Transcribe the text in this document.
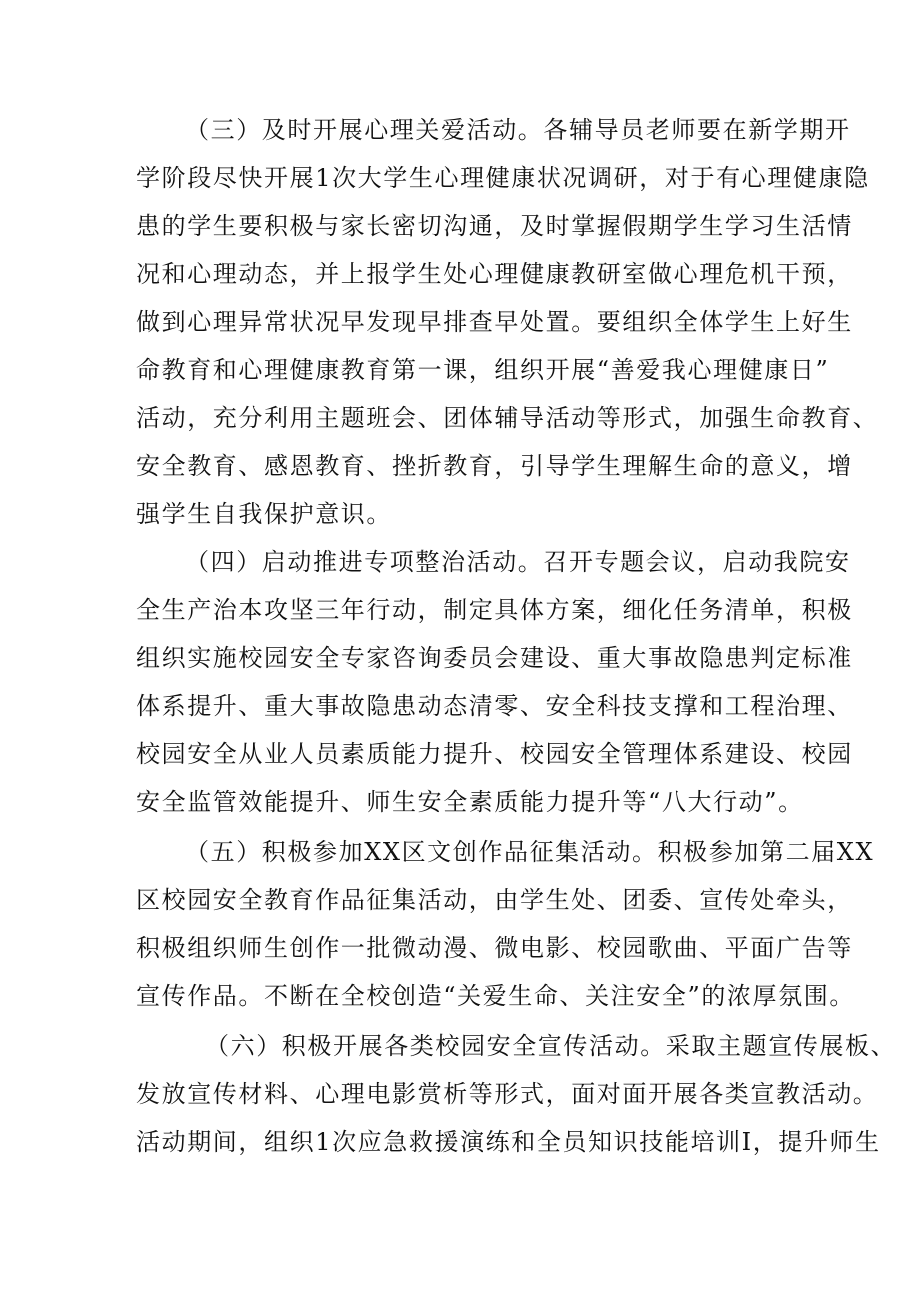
（三）及时开展心理关爱活动。各辅导员老师要在新学期开
学阶段尽快开展1次大学生心理健康状况调研，对于有心理健康隐
患的学生要积极与家长密切沟通，及时掌握假期学生学习生活情
况和心理动态，并上报学生处心理健康教研室做心理危机干预，
做到心理异常状况早发现早排查早处置。要组织全体学生上好生
命教育和心理健康教育第一课，组织开展“善爱我心理健康日”
活动，充分利用主题班会、团体辅导活动等形式，加强生命教育、
安全教育、感恩教育、挫折教育，引导学生理解生命的意义，增
强学生自我保护意识。
（四）启动推进专项整治活动。召开专题会议，启动我院安
全生产治本攻坚三年行动，制定具体方案，细化任务清单，积极
组织实施校园安全专家咨询委员会建设、重大事故隐患判定标准
体系提升、重大事故隐患动态清零、安全科技支撑和工程治理、
校园安全从业人员素质能力提升、校园安全管理体系建设、校园
安全监管效能提升、师生安全素质能力提升等“八大行动”。
（五）积极参加XX区文创作品征集活动。积极参加第二届XX
区校园安全教育作品征集活动，由学生处、团委、宣传处牵头，
积极组织师生创作一批微动漫、微电影、校园歌曲、平面广告等
宣传作品。不断在全校创造“关爱生命、关注安全”的浓厚氛围。
（六）积极开展各类校园安全宣传活动。采取主题宣传展板、
发放宣传材料、心理电影赏析等形式，面对面开展各类宣教活动。
活动期间，组织1次应急救援演练和全员知识技能培训I，提升师生
